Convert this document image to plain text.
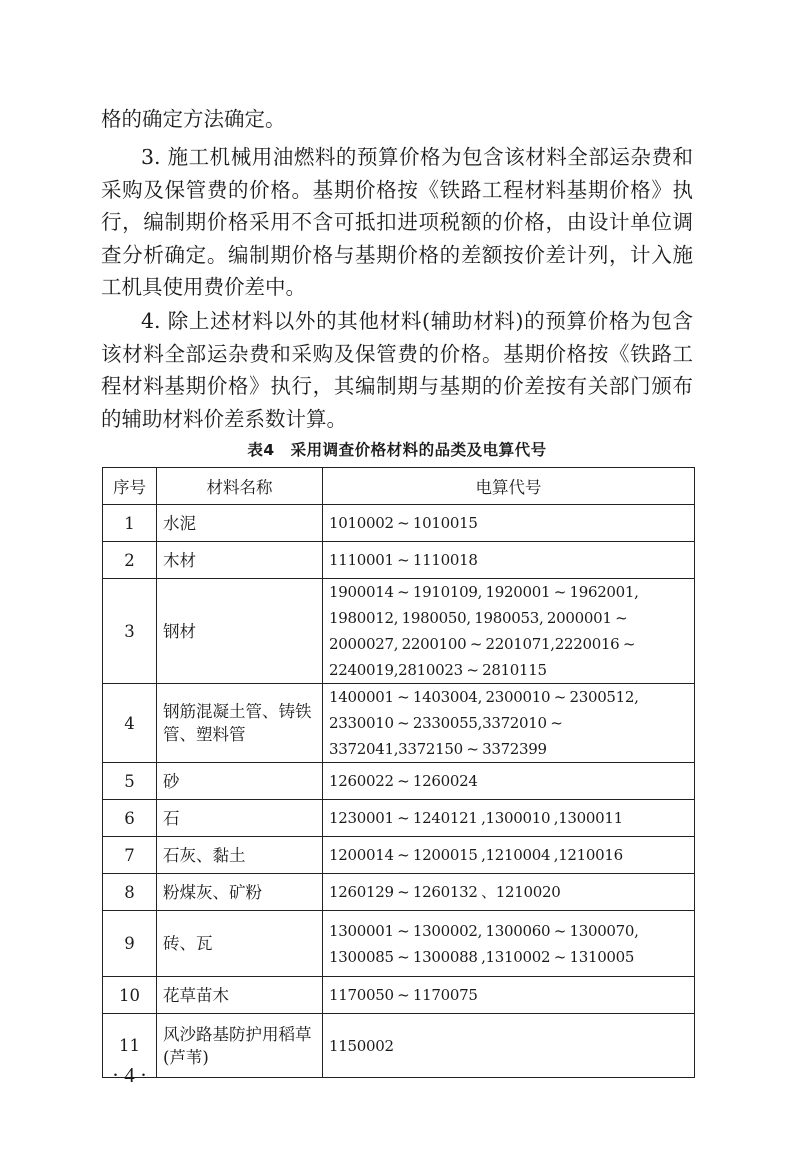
格的确定方法确定。

3. 施工机械用油燃料的预算价格为包含该材料全部运杂费和采购及保管费的价格。基期价格按《铁路工程材料基期价格》执行，编制期价格采用不含可抵扣进项税额的价格，由设计单位调查分析确定。编制期价格与基期价格的差额按价差计列，计入施工机具使用费价差中。

4. 除上述材料以外的其他材料(辅助材料)的预算价格为包含该材料全部运杂费和采购及保管费的价格。基期价格按《铁路工程材料基期价格》执行，其编制期与基期的价差按有关部门颁布的辅助材料价差系数计算。

表4　采用调查价格材料的品类及电算代号
序号	材料名称	电算代号
1	水泥	1010002 ~ 1010015
2	木材	1110001 ~ 1110018
3	钢材	1900014 ~ 1910109, 1920001 ~ 1962001, 1980012, 1980050, 1980053, 2000001 ~ 2000027, 2200100 ~ 2201071,2220016 ~ 2240019,2810023 ~ 2810115
4	钢筋混凝土管、铸铁管、塑料管	1400001 ~ 1403004, 2300010 ~ 2300512, 2330010 ~ 2330055,3372010 ~ 3372041,3372150 ~ 3372399
5	砂	1260022 ~ 1260024
6	石	1230001 ~ 1240121 ,1300010 ,1300011
7	石灰、黏土	1200014 ~ 1200015 ,1210004 ,1210016
8	粉煤灰、矿粉	1260129 ~ 1260132 、1210020
9	砖、瓦	1300001 ~ 1300002, 1300060 ~ 1300070, 1300085 ~ 1300088 ,1310002 ~ 1310005
10	花草苗木	1170050 ~ 1170075
11	风沙路基防护用稻草(芦苇)	1150002
· 4 ·
